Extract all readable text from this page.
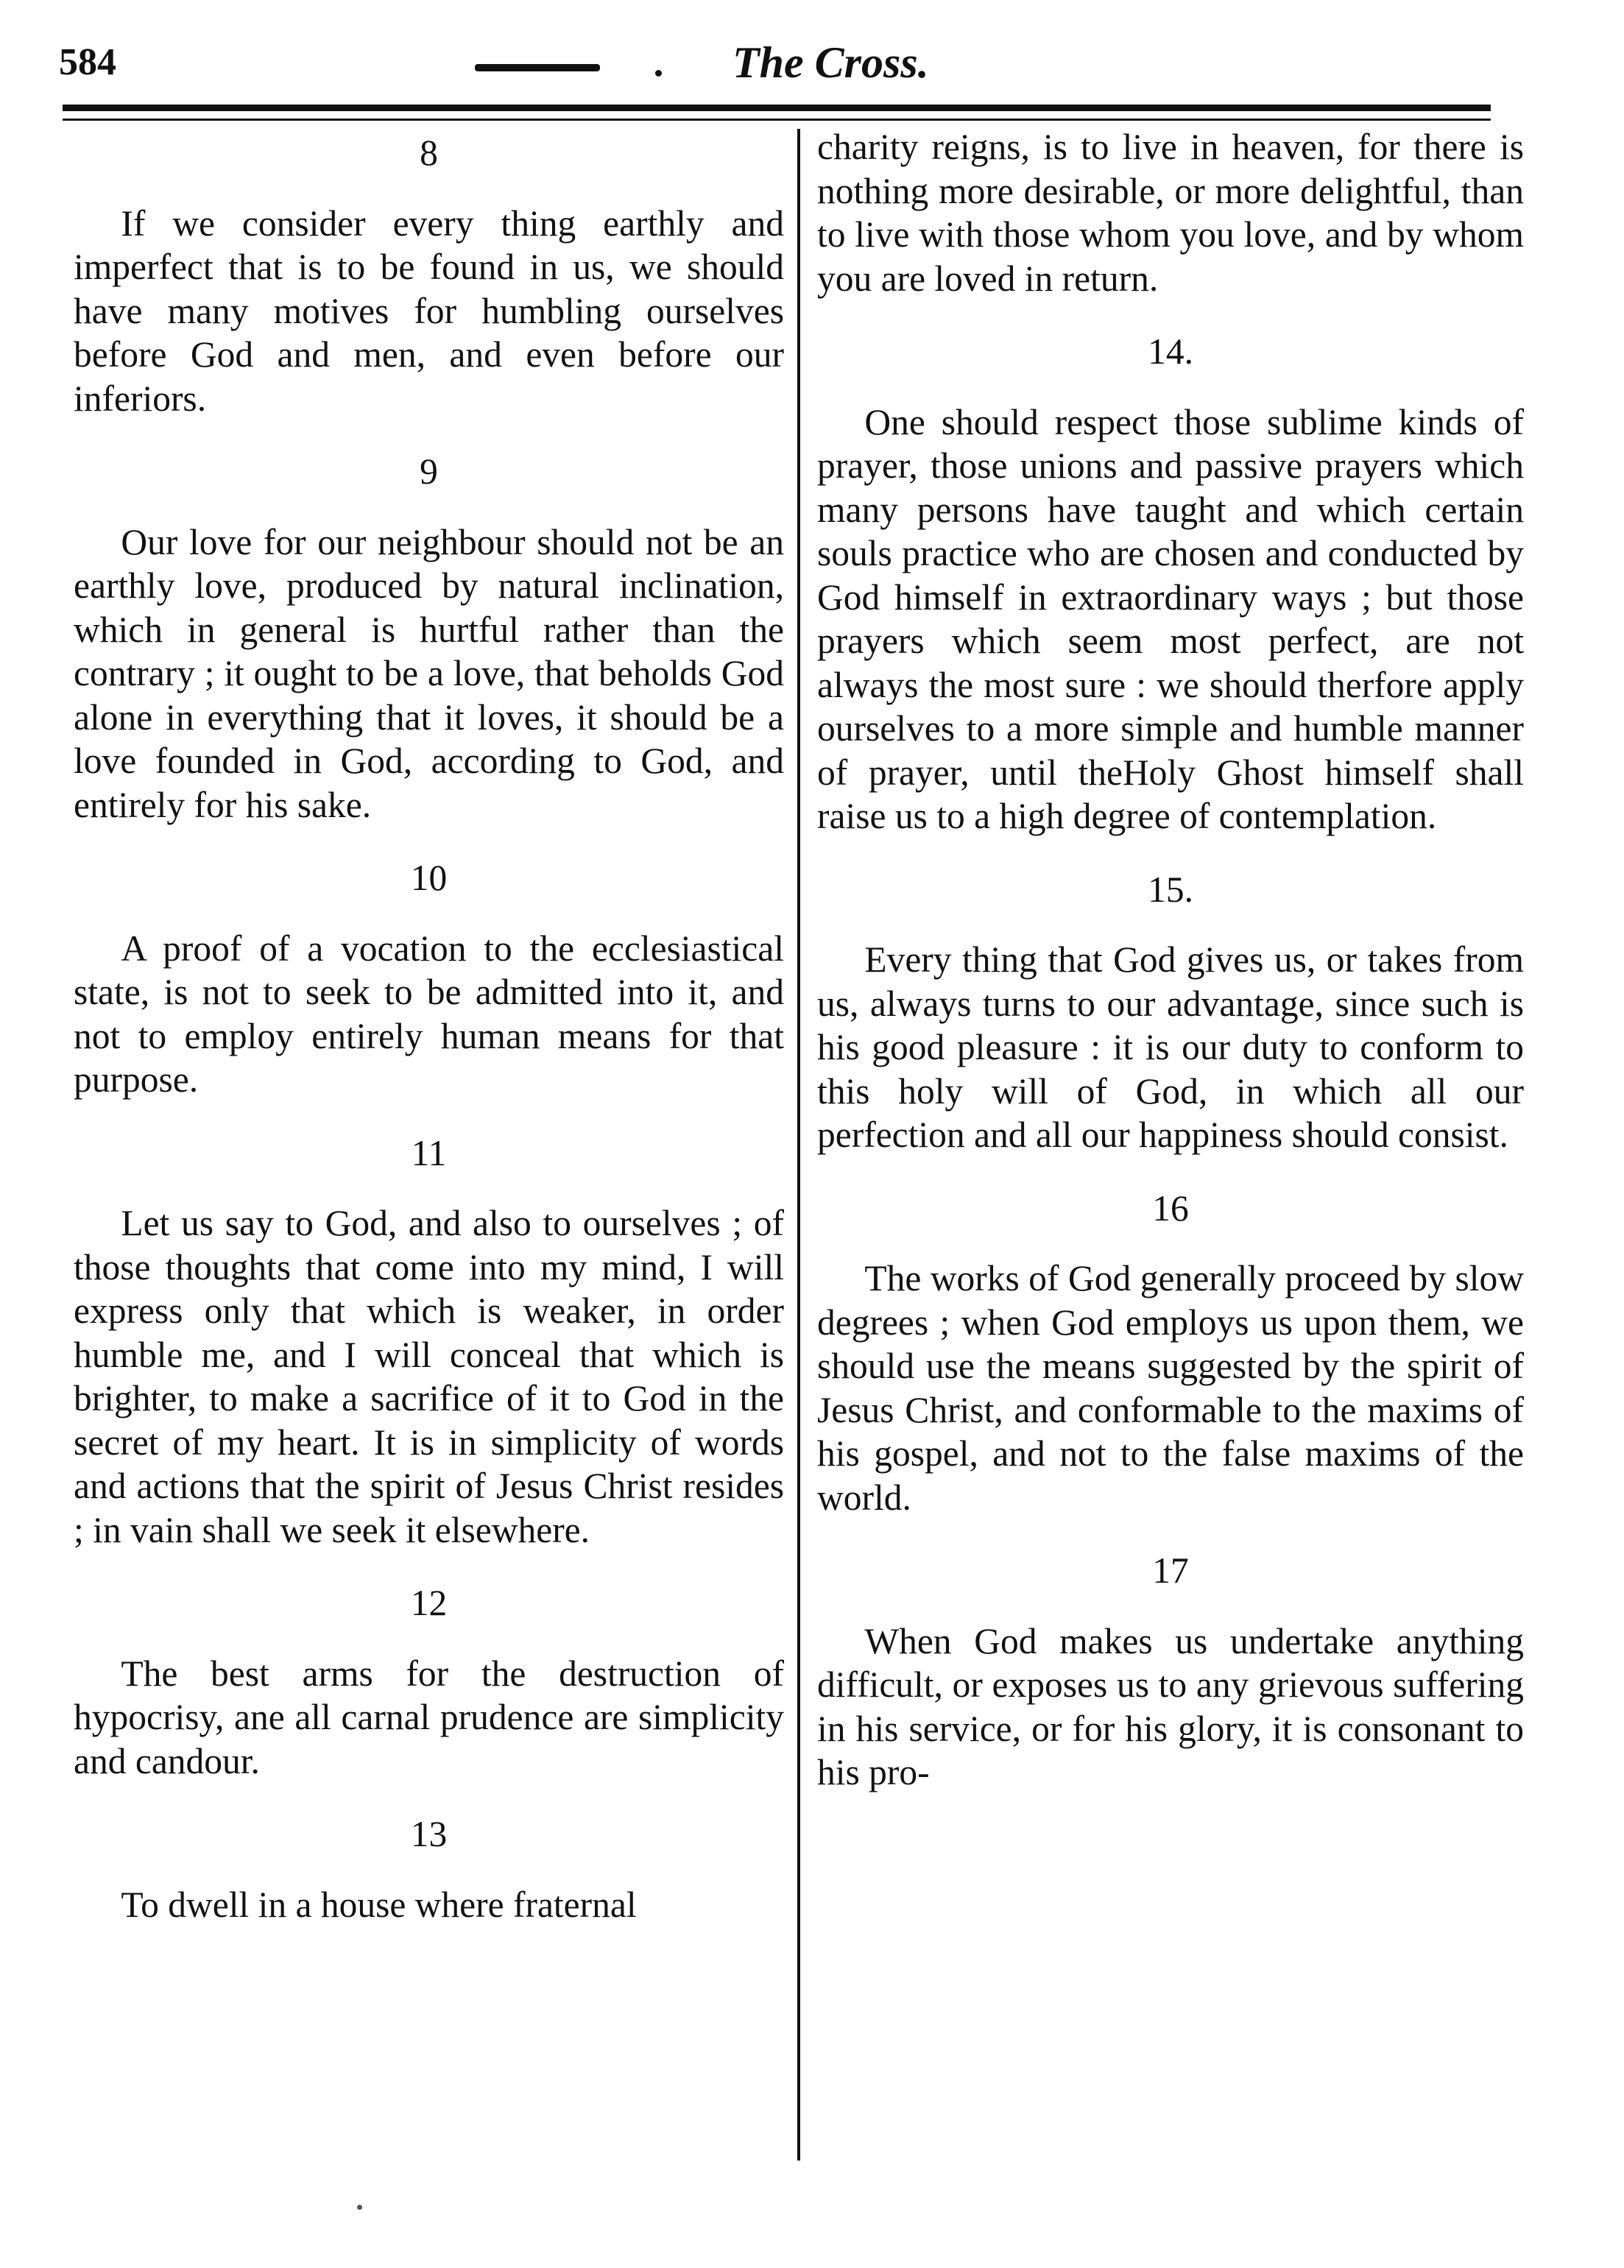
584	The Cross.
8

If we consider every thing earthly and imperfect that is to be found in us, we should have many motives for humbling ourselves before God and men, and even before our inferiors.

9

Our love for our neighbour should not be an earthly love, produced by natural inclination, which in general is hurtful rather than the contrary ; it ought to be a love, that beholds God alone in everything that it loves, it should be a love founded in God, according to God, and entirely for his sake.

10

A proof of a vocation to the ecclesiastical state, is not to seek to be admitted into it, and not to employ entirely human means for that purpose.

11

Let us say to God, and also to ourselves ; of those thoughts that come into my mind, I will express only that which is weaker, in order humble me, and I will conceal that which is brighter, to make a sacrifice of it to God in the secret of my heart. It is in simplicity of words and actions that the spirit of Jesus Christ resides ; in vain shall we seek it elsewhere.

12

The best arms for the destruction of hypocrisy, ane all carnal prudence are simplicity and candour.

13

To dwell in a house where fraternal

charity reigns, is to live in heaven, for there is nothing more desirable, or more delightful, than to live with those whom you love, and by whom you are loved in return.

14.

One should respect those sublime kinds of prayer, those unions and passive prayers which many persons have taught and which certain souls practice who are chosen and conducted by God himself in extraordinary ways ; but those prayers which seem most perfect, are not always the most sure : we should therfore apply ourselves to a more simple and humble manner of prayer, until theHoly Ghost himself shall raise us to a high degree of contemplation.

15.

Every thing that God gives us, or takes from us, always turns to our advantage, since such is his good pleasure : it is our duty to conform to this holy will of God, in which all our perfection and all our happiness should consist.

16

The works of God generally proceed by slow degrees ; when God employs us upon them, we should use the means suggested by the spirit of Jesus Christ, and conformable to the maxims of his gospel, and not to the false maxims of the world.

17

When God makes us undertake anything difficult, or exposes us to any grievous suffering in his service, or for his glory, it is consonant to his pro-
